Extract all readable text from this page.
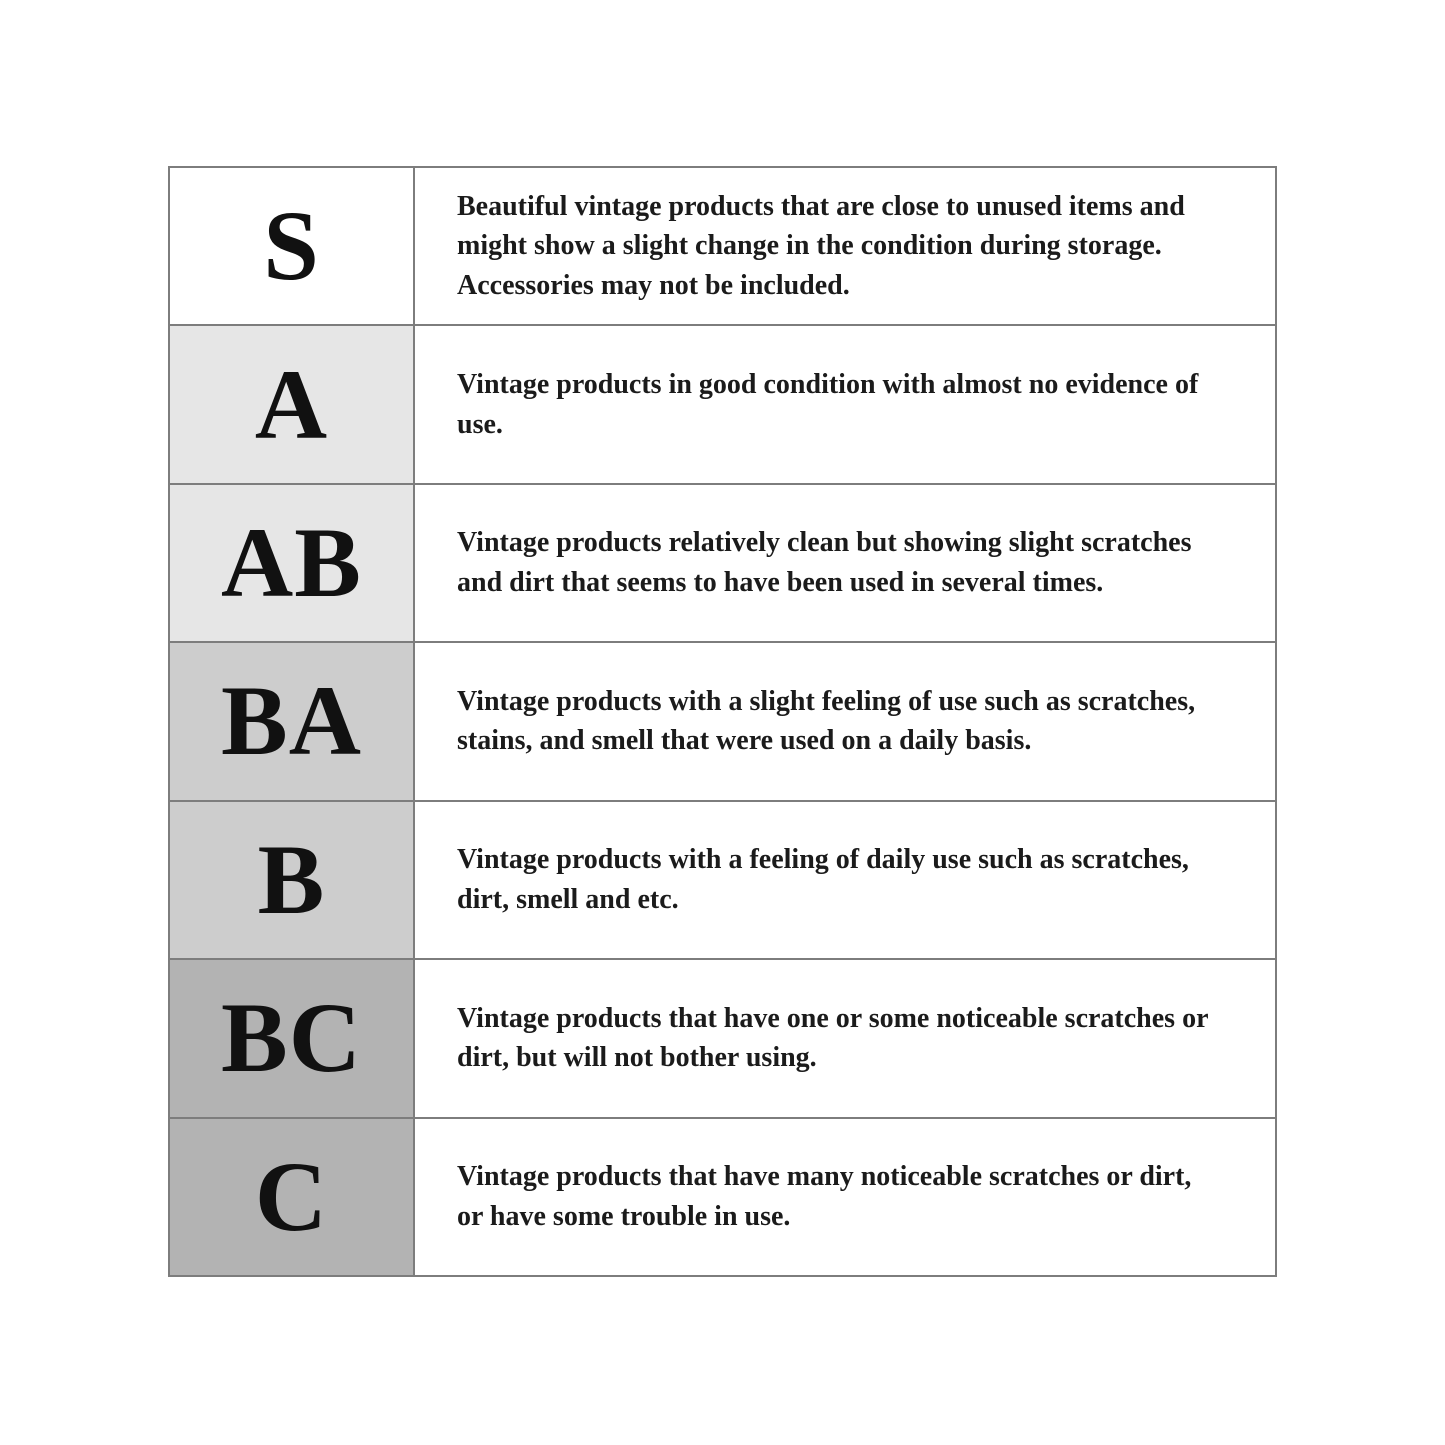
S	Beautiful vintage products that are close to unused items and might show a slight change in the condition during storage. Accessories may not be included.
A	Vintage products in good condition with almost no evidence of use.
AB	Vintage products relatively clean but showing slight scratches and dirt that seems to have been used in several times.
BA	Vintage products with a slight feeling of use such as scratches, stains, and smell that were used on a daily basis.
B	Vintage products with a feeling of daily use such as scratches, dirt, smell and etc.
BC	Vintage products that have one or some noticeable scratches or dirt, but will not bother using.
C	Vintage products that have many noticeable scratches or dirt, or have some trouble in use.
